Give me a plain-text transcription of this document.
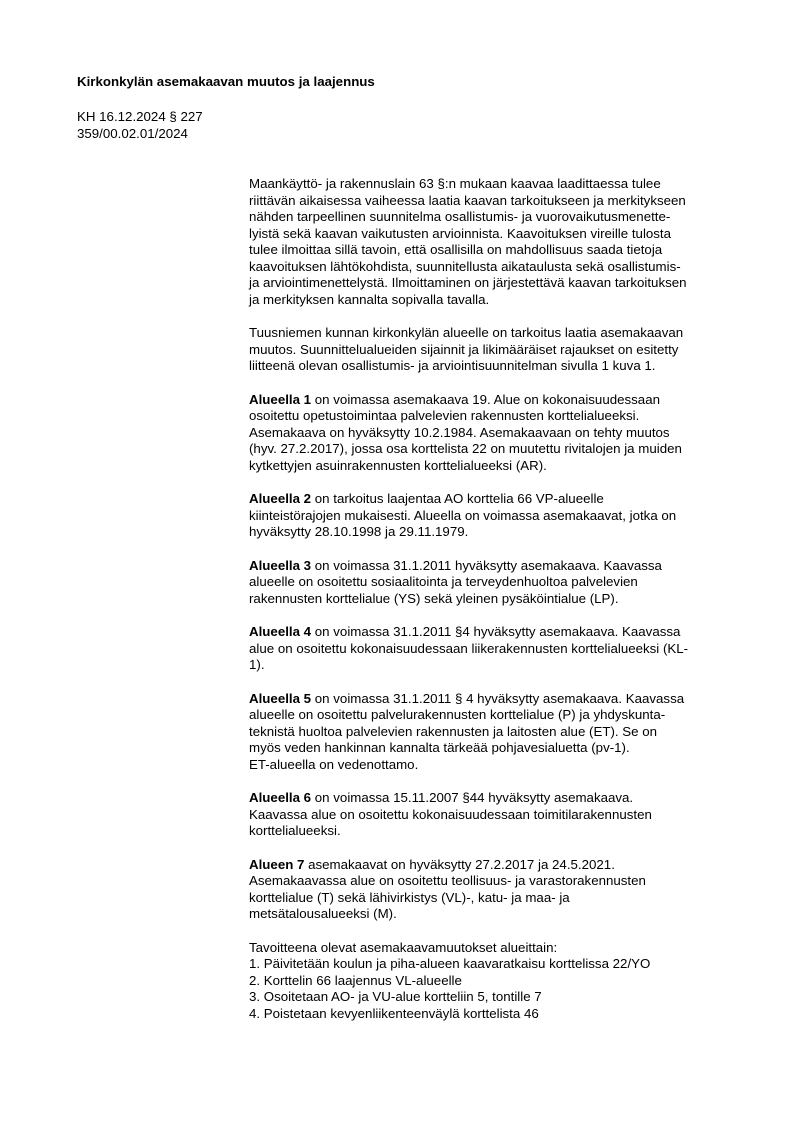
Kirkonkylän asemakaavan muutos ja laajennus
KH 16.12.2024 § 227
359/00.02.01/2024

Maankäyttö- ja rakennuslain 63 §:n mukaan kaavaa laadittaessa tulee
riittävän aikaisessa vaiheessa laatia kaavan tarkoitukseen ja merkitykseen
nähden tarpeellinen suunnitelma osallistumis- ja vuorovaikutusmenette-
lyistä sekä kaavan vaikutusten arvioinnista. Kaavoituksen vireille tulosta
tulee ilmoittaa sillä tavoin, että osallisilla on mahdollisuus saada tietoja
kaavoituksen lähtökohdista, suunnitellusta aikataulusta sekä osallistumis-
ja arviointimenettelystä. Ilmoittaminen on järjestettävä kaavan tarkoituksen
ja merkityksen kannalta sopivalla tavalla.

Tuusniemen kunnan kirkonkylän alueelle on tarkoitus laatia asemakaavan
muutos. Suunnittelualueiden sijainnit ja likimääräiset rajaukset on esitetty
liitteenä olevan osallistumis- ja arviointisuunnitelman sivulla 1 kuva 1.

Alueella 1 on voimassa asemakaava 19. Alue on kokonaisuudessaan
osoitettu opetustoimintaa palvelevien rakennusten korttelialueeksi.
Asemakaava on hyväksytty 10.2.1984. Asemakaavaan on tehty muutos
(hyv. 27.2.2017), jossa osa korttelista 22 on muutettu rivitalojen ja muiden
kytkettyjen asuinrakennusten korttelialueeksi (AR).

Alueella 2 on tarkoitus laajentaa AO korttelia 66 VP-alueelle
kiinteistörajojen mukaisesti. Alueella on voimassa asemakaavat, jotka on
hyväksytty 28.10.1998 ja 29.11.1979.

Alueella 3 on voimassa 31.1.2011 hyväksytty asemakaava. Kaavassa
alueelle on osoitettu sosiaalitointa ja terveydenhuoltoa palvelevien
rakennusten korttelialue (YS) sekä yleinen pysäköintialue (LP).

Alueella 4 on voimassa 31.1.2011 §4 hyväksytty asemakaava. Kaavassa
alue on osoitettu kokonaisuudessaan liikerakennusten korttelialueeksi (KL-
1).

Alueella 5 on voimassa 31.1.2011 § 4 hyväksytty asemakaava. Kaavassa
alueelle on osoitettu palvelurakennusten korttelialue (P) ja yhdyskunta-
teknistä huoltoa palvelevien rakennusten ja laitosten alue (ET). Se on
myös veden hankinnan kannalta tärkeää pohjavesialuetta (pv-1).
ET-alueella on vedenottamo.

Alueella 6 on voimassa 15.11.2007 §44 hyväksytty asemakaava.
Kaavassa alue on osoitettu kokonaisuudessaan toimitilarakennusten
korttelialueeksi.

Alueen 7 asemakaavat on hyväksytty 27.2.2017 ja 24.5.2021.
Asemakaavassa alue on osoitettu teollisuus- ja varastorakennusten
korttelialue (T) sekä lähivirkistys (VL)-, katu- ja maa- ja
metsätalousalueeksi (M).

Tavoitteena olevat asemakaavamuutokset alueittain:
1. Päivitetään koulun ja piha-alueen kaavaratkaisu korttelissa 22/YO
2. Korttelin 66 laajennus VL-alueelle
3. Osoitetaan AO- ja VU-alue kortteliin 5, tontille 7
4. Poistetaan kevyenliikenteenväylä korttelista 46
